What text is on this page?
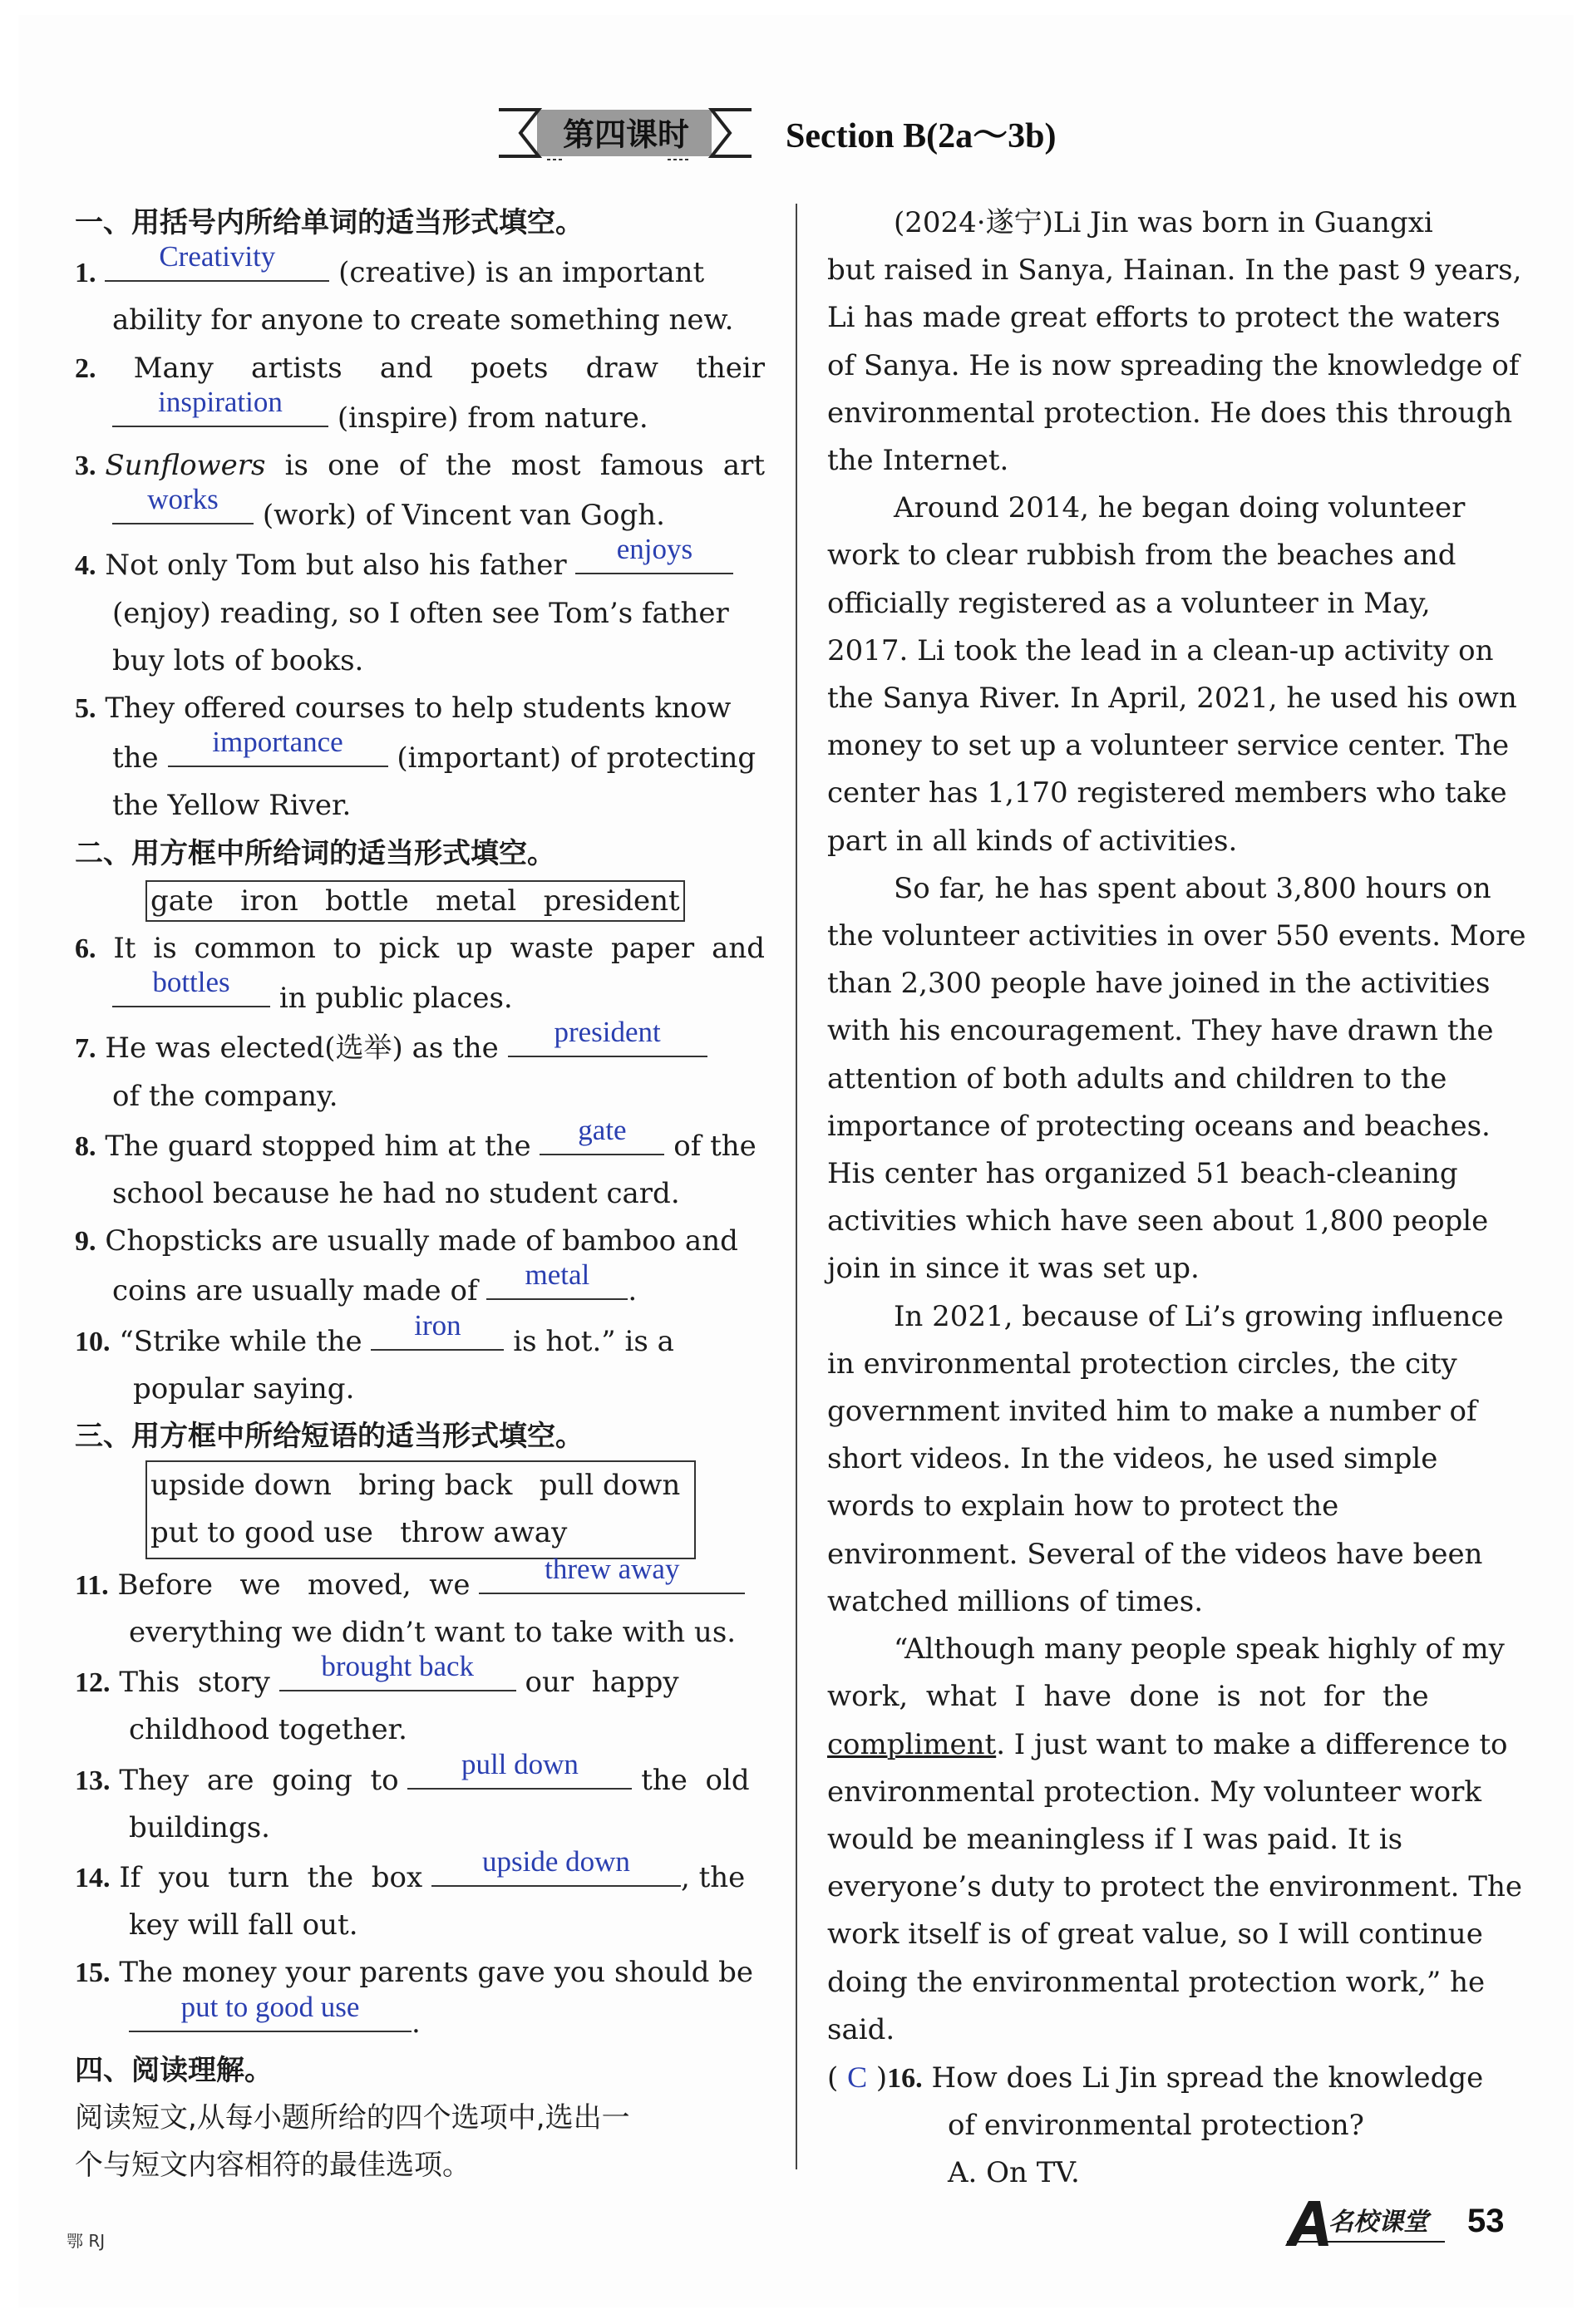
第四课时	Section B(2a～3b)
一、用括号内所给单词的适当形式填空。
1.
Creativity	(creative) is an important
ability for anyone to create something new.
2. Many artists and poets draw their
inspiration	(inspire) from nature.
3. Sunflowers is one of the most famous art
works	(work) of Vincent van Gogh.
4. Not only Tom but also his father	enjoys
(enjoy) reading, so I often see Tom’s father
buy lots of books.
5. They offered courses to help students know
the	importance	(important) of protecting
the Yellow River.
二、用方框中所给词的适当形式填空。
gate   iron   bottle   metal   president
6. It is common to pick up waste paper and
bottles	in public places.
7. He was elected(选举) as the	president
of the company.
8. The guard stopped him at the	gate	of the
school because he had no student card.
9. Chopsticks are usually made of bamboo and
coins are usually made of	metal	.
10. “Strike while the	iron	is hot.” is a
popular saying.
三、用方框中所给短语的适当形式填空。
upside down   bring back   pull down
put to good use   throw away
11. Before   we   moved,  we	threw away
everything we didn’t want to take with us.
12. This  story	brought back	our  happy
childhood together.
13. They  are  going  to	pull down	the  old
buildings.
14. If  you  turn  the  box	upside down	, the
key will fall out.
15. The money your parents gave you should be
put to good use	.
四、阅读理解。
阅读短文,从每小题所给的四个选项中,选出一
个与短文内容相符的最佳选项。
(2024·遂宁)Li Jin was born in Guangxi
but raised in Sanya, Hainan. In the past 9 years,
Li has made great efforts to protect the waters
of Sanya. He is now spreading the knowledge of
environmental protection. He does this through
the Internet.
Around 2014, he began doing volunteer
work to clear rubbish from the beaches and
officially registered as a volunteer in May,
2017. Li took the lead in a clean-up activity on
the Sanya River. In April, 2021, he used his own
money to set up a volunteer service center. The
center has 1,170 registered members who take
part in all kinds of activities.
So far, he has spent about 3,800 hours on
the volunteer activities in over 550 events. More
than 2,300 people have joined in the activities
with his encouragement. They have drawn the
attention of both adults and children to the
importance of protecting oceans and beaches.
His center has organized 51 beach-cleaning
activities which have seen about 1,800 people
join in since it was set up.
In 2021, because of Li’s growing influence
in environmental protection circles, the city
government invited him to make a number of
short videos. In the videos, he used simple
words to explain how to protect the
environment. Several of the videos have been
watched millions of times.
“Although many people speak highly of my
work,  what  I  have  done  is  not  for  the
compliment. I just want to make a difference to
environmental protection. My volunteer work
would be meaningless if I was paid. It is
everyone’s duty to protect the environment. The
work itself is of great value, so I will continue
doing the environmental protection work,” he
said.
( C )16. How does Li Jin spread the knowledge
of environmental protection?
A. On TV.
鄂 RJ
名校课堂 53
